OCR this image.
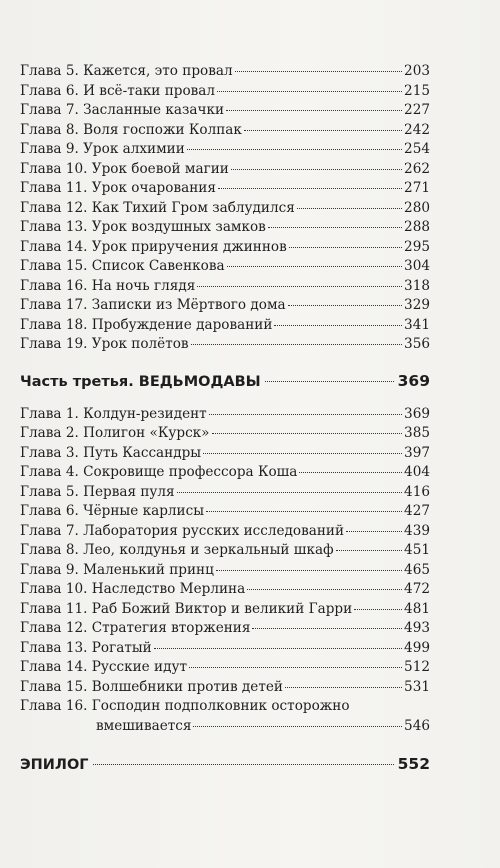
Глава 5. Кажется, это провал	203
Глава 6. И всё-таки провал	215
Глава 7. Засланные казачки	227
Глава 8. Воля госпожи Колпак	242
Глава 9. Урок алхимии	254
Глава 10. Урок боевой магии	262
Глава 11. Урок очарования	271
Глава 12. Как Тихий Гром заблудился	280
Глава 13. Урок воздушных замков	288
Глава 14. Урок приручения джиннов	295
Глава 15. Список Савенкова	304
Глава 16. На ночь глядя	318
Глава 17. Записки из Мёртвого дома	329
Глава 18. Пробуждение дарований	341
Глава 19. Урок полётов	356
Часть третья. ВЕДЬМОДАВЫ	369
Глава 1. Колдун-резидент	369
Глава 2. Полигон «Курск»	385
Глава 3. Путь Кассандры	397
Глава 4. Сокровище профессора Коша	404
Глава 5. Первая пуля	416
Глава 6. Чёрные карлисы	427
Глава 7. Лаборатория русских исследований	439
Глава 8. Лео, колдунья и зеркальный шкаф	451
Глава 9. Маленький принц	465
Глава 10. Наследство Мерлина	472
Глава 11. Раб Божий Виктор и великий Гарри	481
Глава 12. Стратегия вторжения	493
Глава 13. Рогатый	499
Глава 14. Русские идут	512
Глава 15. Волшебники против детей	531
Глава 16. Господин подполковник осторожно
вмешивается	546
ЭПИЛОГ	552
